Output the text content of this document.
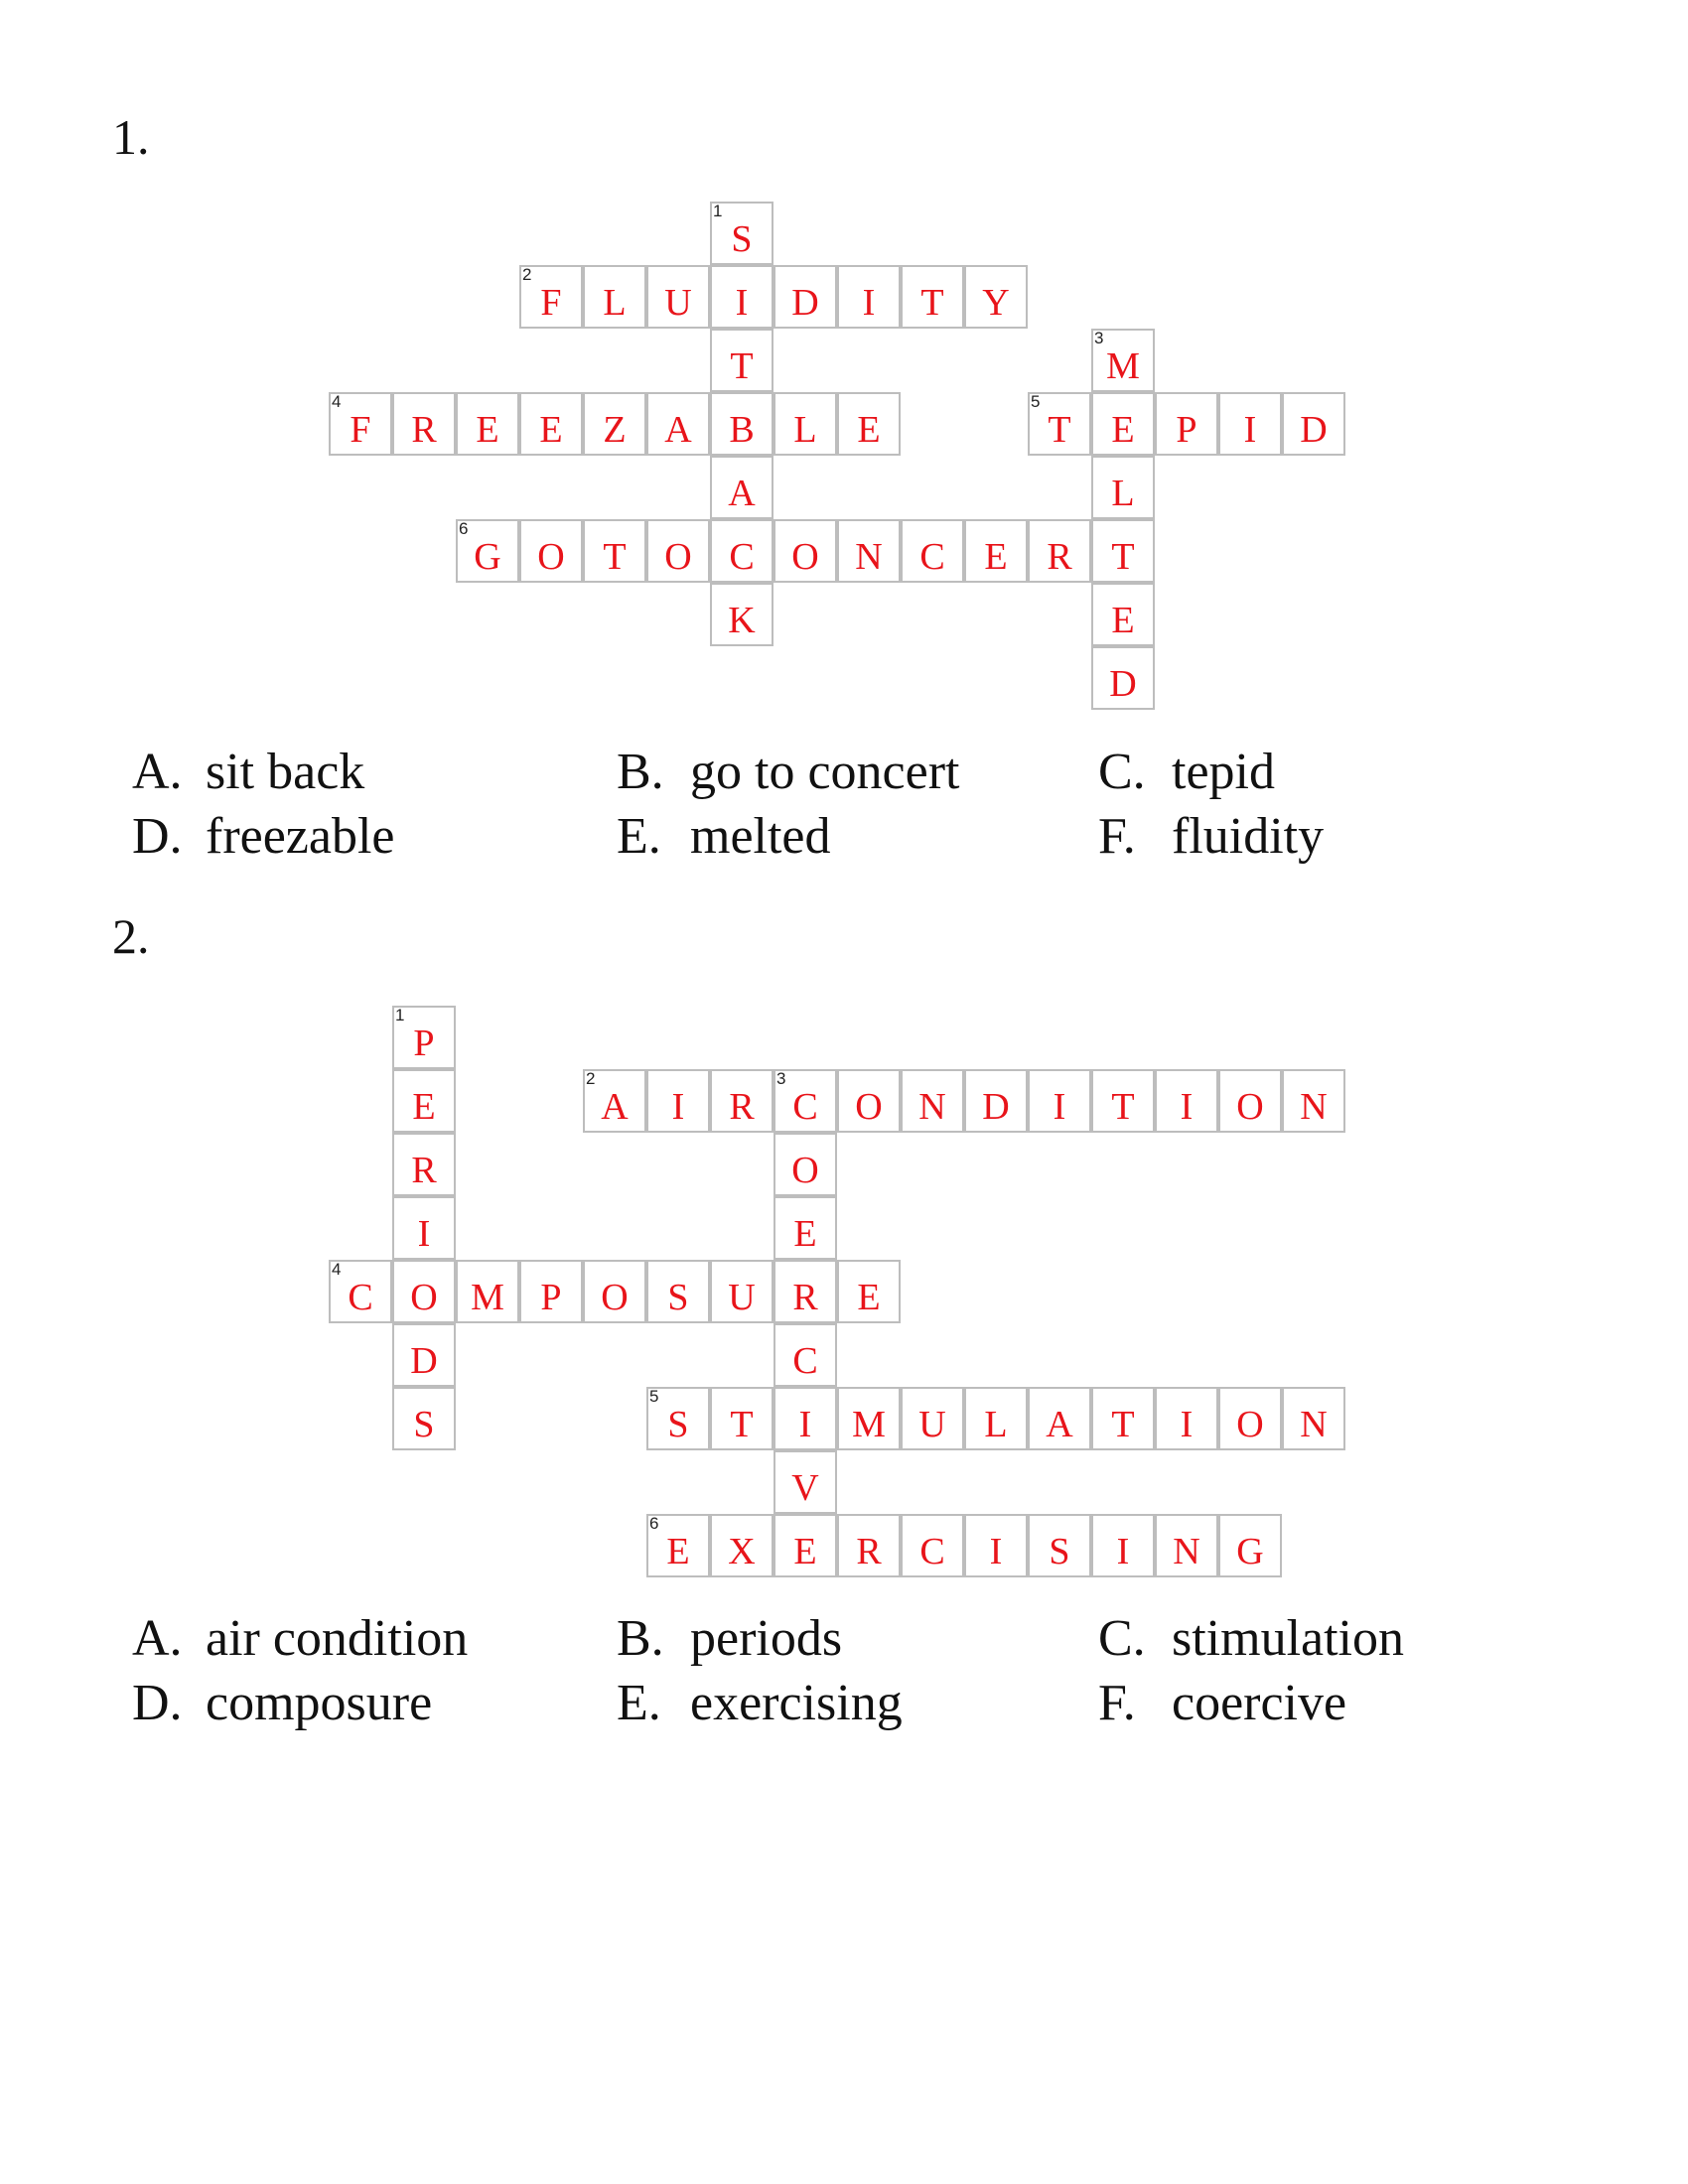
1.
1
S
I
T
B
A
C
K
2
F	L	U	D	I	T	Y
3
M
E
L
T
E
D
4
F	R	E	E	Z	A	L	E
5
T	P	I	D
6
G O	T	O	O N C	E	R
A. sit back	B. go to concert	C. tepid
D. freezable	E. melted	F. fluidity
2.
1
P
E
R
I
O
D
S
2
A	I	R
3
C O N D	I	T	I	O N
O
E
R
C
I
V
E
4
C	M P	O	S	U	E
5
S	T	M U	L	A	T	I	O N
6
E	X	R	C	I	S	I	N G
A. air condition	B. periods	C. stimulation
D. composure	E. exercising	F. coercive
